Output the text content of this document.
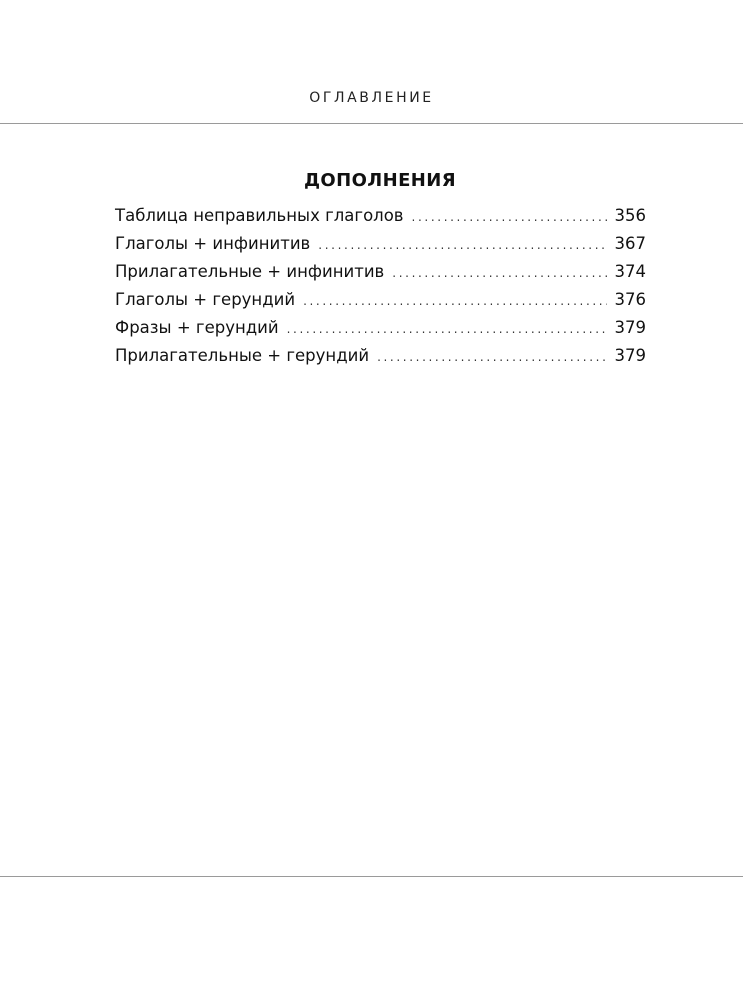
ОГЛАВЛЕНИЕ
ДОПОЛНЕНИЯ
Таблица неправильных глаголов . . .	356
Глаголы + инфинитив . . .	367
Прилагательные + инфинитив . . .	374
Глаголы + герундий . . .	376
Фразы + герундий . . .	379
Прилагательные + герундий . . .	379
